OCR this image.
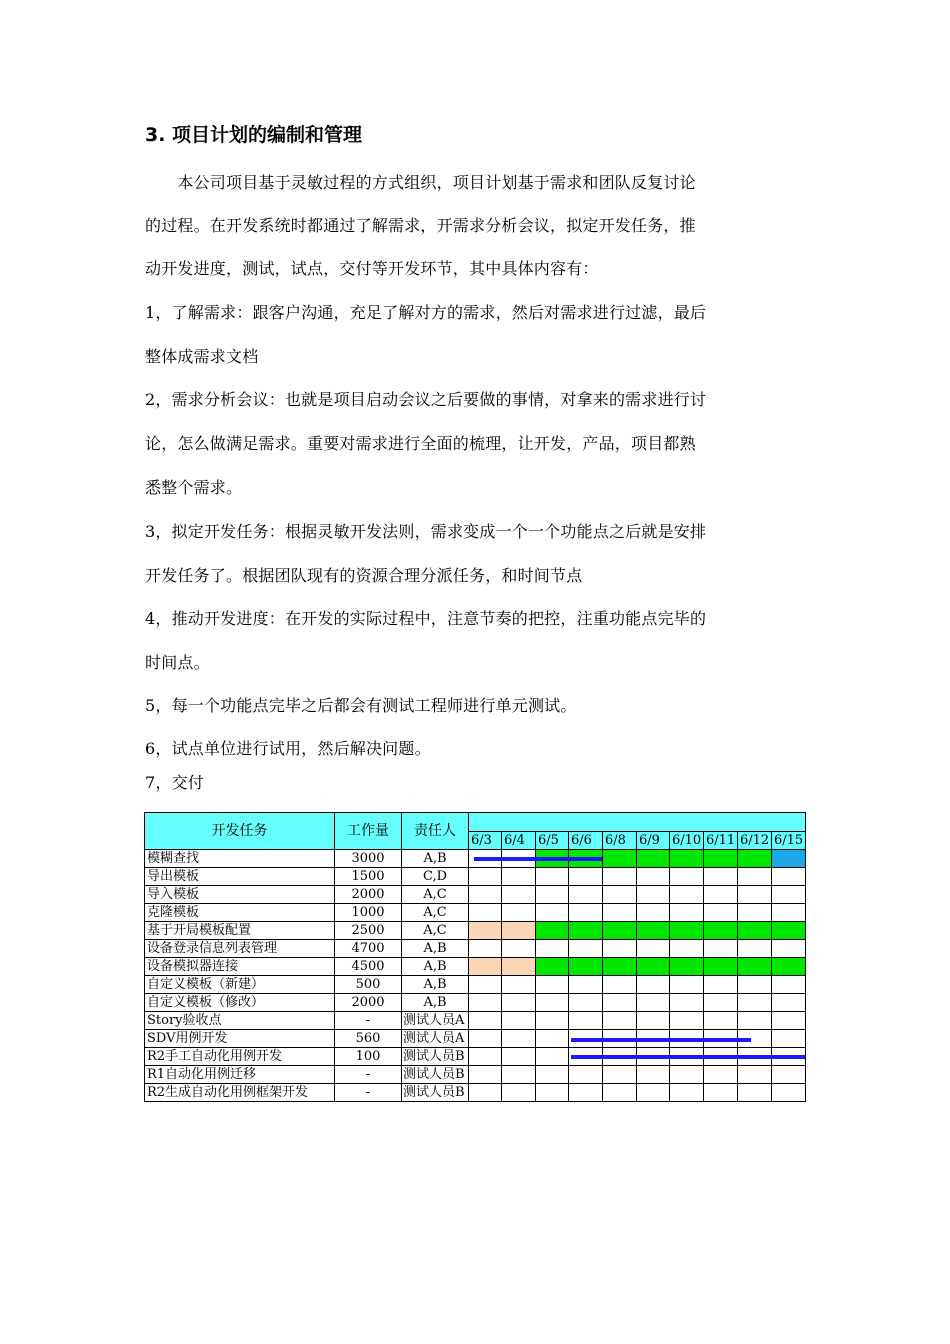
3. 项目计划的编制和管理
　　本公司项目基于灵敏过程的方式组织，项目计划基于需求和团队反复讨论
的过程。在开发系统时都通过了解需求，开需求分析会议，拟定开发任务，推
动开发进度，测试，试点，交付等开发环节，其中具体内容有：
1，了解需求：跟客户沟通，充足了解对方的需求，然后对需求进行过滤，最后
整体成需求文档
2，需求分析会议：也就是项目启动会议之后要做的事情，对拿来的需求进行讨
论，怎么做满足需求。重要对需求进行全面的梳理，让开发，产品，项目都熟
悉整个需求。
3，拟定开发任务：根据灵敏开发法则，需求变成一个一个功能点之后就是安排
开发任务了。根据团队现有的资源合理分派任务，和时间节点
4，推动开发进度：在开发的实际过程中，注意节奏的把控，注重功能点完毕的
时间点。
5，每一个功能点完毕之后都会有测试工程师进行单元测试。
6，试点单位进行试用，然后解决问题。
7，交付
开发任务	工作量	责任人										
			6/3	6/4	6/5	6/6	6/8	6/9	6/10	6/11	6/12	6/15
模糊查找	3000	A,B										
导出模板	1500	C,D										
导入模板	2000	A,C										
克隆模板	1000	A,C										
基于开局模板配置	2500	A,C										
设备登录信息列表管理	4700	A,B										
设备模拟器连接	4500	A,B										
自定义模板（新建）	500	A,B										
自定义模板（修改）	2000	A,B										
Story验收点	-	测试人员A										
SDV用例开发	560	测试人员A										
R2手工自动化用例开发	100	测试人员B										
R1自动化用例迁移	-	测试人员B										
R2生成自动化用例框架开发	-	测试人员B										
